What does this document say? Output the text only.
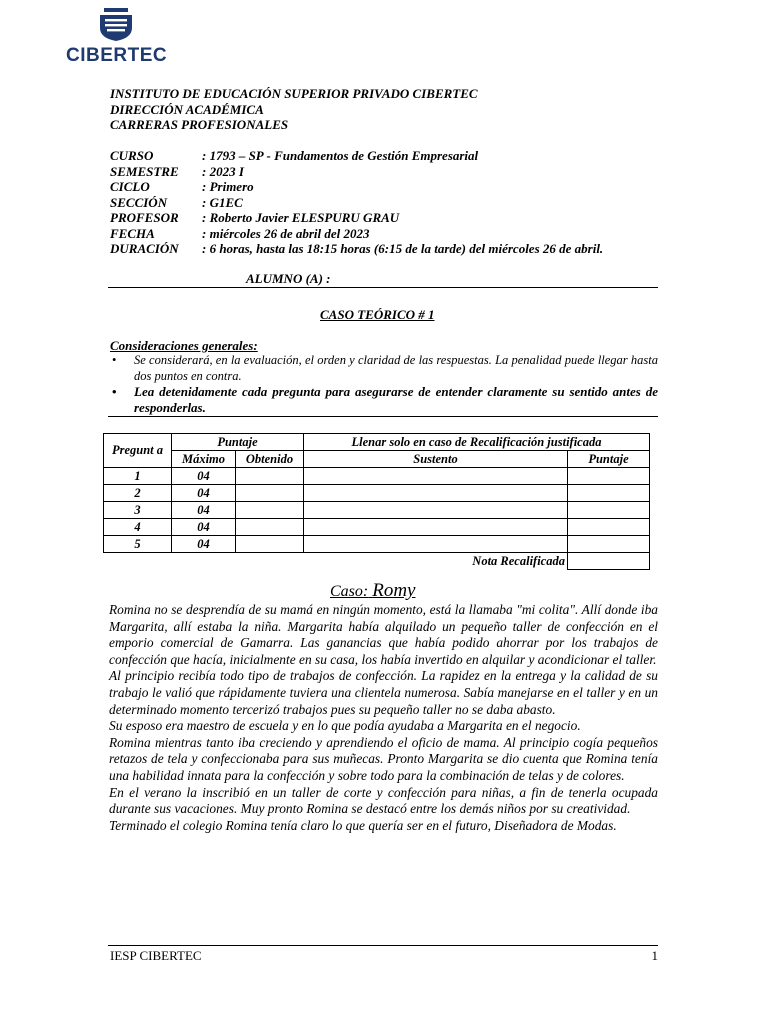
CIBERTEC
INSTITUTO DE EDUCACIÓN SUPERIOR PRIVADO CIBERTEC
DIRECCIÓN ACADÉMICA
CARRERAS PROFESIONALES
CURSO	: 1793 – SP - Fundamentos de Gestión Empresarial
SEMESTRE	: 2023 I
CICLO	: Primero
SECCIÓN	: G1EC
PROFESOR	: Roberto Javier ELESPURU GRAU
FECHA	: miércoles 26 de abril del 2023
DURACIÓN	: 6 horas, hasta las 18:15 horas (6:15 de la tarde) del miércoles 26 de abril.
ALUMNO (A) :
CASO TEÓRICO # 1
Consideraciones generales:
• Se considerará, en la evaluación, el orden y claridad de las respuestas. La penalidad puede llegar hasta dos puntos en contra.
• Lea detenidamente cada pregunta para asegurarse de entender claramente su sentido antes de responderlas.
Pregunt a	Puntaje		Llenar solo en caso de Recalificación justificada	
	Máximo	Obtenido	Sustento	Puntaje
1	04			
2	04			
3	04			
4	04			
5	04			
Nota Recalificada				
Caso: Romy

Romina no se desprendía de su mamá en ningún momento, está la llamaba "mi colita". Allí donde iba Margarita, allí estaba la niña. Margarita había alquilado un pequeño taller de confección en el emporio comercial de Gamarra. Las ganancias que había podido ahorrar por los trabajos de confección que hacía, inicialmente en su casa, los había invertido en alquilar y acondicionar el taller.

Al principio recibía todo tipo de trabajos de confección. La rapidez en la entrega y la calidad de su trabajo le valió que rápidamente tuviera una clientela numerosa. Sabía manejarse en el taller y en un determinado momento tercerizó trabajos pues su pequeño taller no se daba abasto.

Su esposo era maestro de escuela y en lo que podía ayudaba a Margarita en el negocio.

Romina mientras tanto iba creciendo y aprendiendo el oficio de mama. Al principio cogía pequeños retazos de tela y confeccionaba para sus muñecas. Pronto Margarita se dio cuenta que Romina tenía una habilidad innata para la confección y sobre todo para la combinación de telas y de colores.

En el verano la inscribió en un taller de corte y confección para niñas, a fin de tenerla ocupada durante sus vacaciones. Muy pronto Romina se destacó entre los demás niños por su creatividad.

Terminado el colegio Romina tenía claro lo que quería ser en el futuro, Diseñadora de Modas.

IESP CIBERTEC	1
